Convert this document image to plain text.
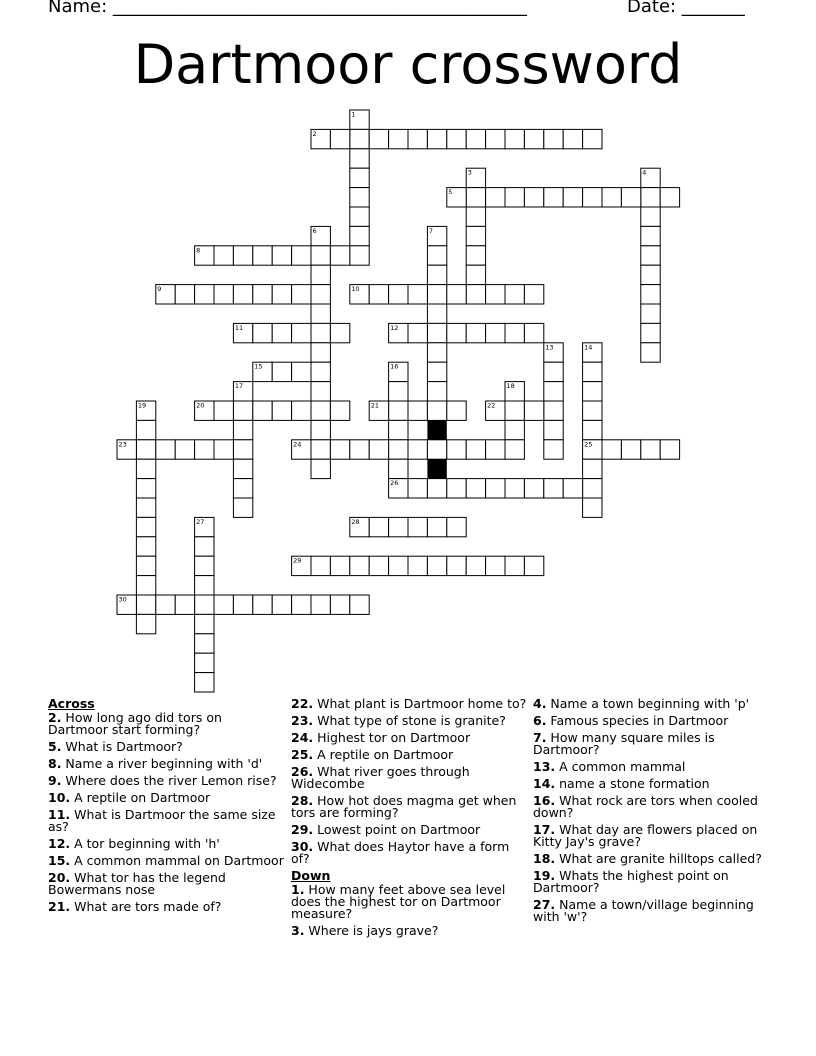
Name: ______________________________________________	Date: _______
Dartmoor crossword
1
2
3	4
5
6	7
8
9	10
11	12
13	14
15	16
17	18
19	20	21	22
23	24	25
26
27	28
29
30
Across
2. How long ago did tors on Dartmoor start forming?
5. What is Dartmoor?
8. Name a river beginning with 'd'
9. Where does the river Lemon rise?
10. A reptile on Dartmoor
11. What is Dartmoor the same size as?
12. A tor beginning with 'h'
15. A common mammal on Dartmoor
20. What tor has the legend Bowermans nose
21. What are tors made of?
22. What plant is Dartmoor home to?
23. What type of stone is granite?
24. Highest tor on Dartmoor
25. A reptile on Dartmoor
26. What river goes through Widecombe
28. How hot does magma get when tors are forming?
29. Lowest point on Dartmoor
30. What does Haytor have a form of?
Down
1. How many feet above sea level does the highest tor on Dartmoor measure?
3. Where is jays grave?
4. Name a town beginning with 'p'
6. Famous species in Dartmoor
7. How many square miles is Dartmoor?
13. A common mammal
14. name a stone formation
16. What rock are tors when cooled down?
17. What day are flowers placed on Kitty Jay's grave?
18. What are granite hilltops called?
19. Whats the highest point on Dartmoor?
27. Name a town/village beginning with 'w'?
